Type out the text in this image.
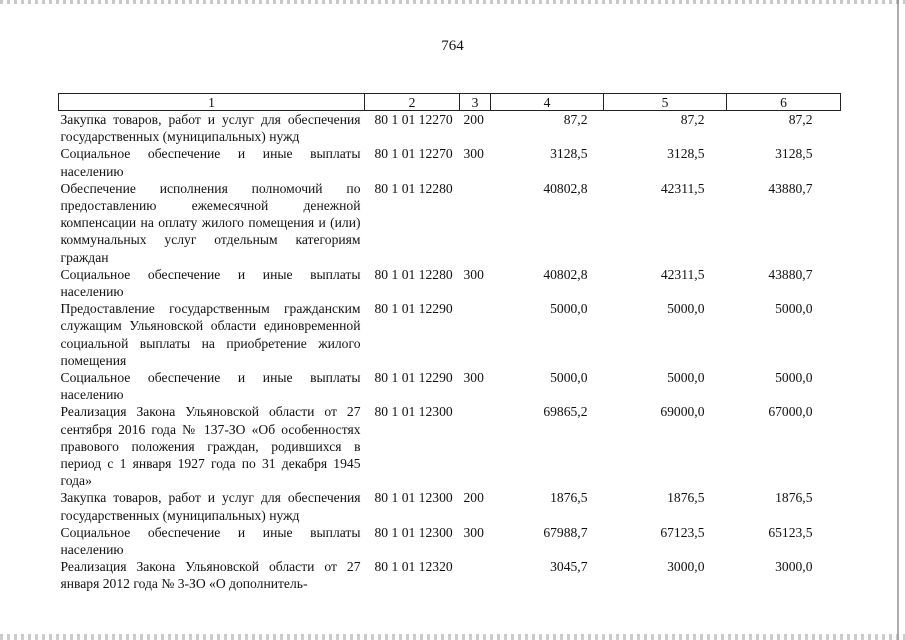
764
1	2	3	4	5	6
Закупка товаров, работ и услуг для обеспечения государственных (муниципальных) нужд	80 1 01 12270	200	87,2	87,2	87,2
Социальное обеспечение и иные выплаты населению	80 1 01 12270	300	3128,5	3128,5	3128,5
Обеспечение исполнения полномочий по предоставлению ежемесячной денежной компенсации на оплату жилого помещения и (или) коммунальных услуг отдельным категориям граждан	80 1 01 12280		40802,8	42311,5	43880,7
Социальное обеспечение и иные выплаты населению	80 1 01 12280	300	40802,8	42311,5	43880,7
Предоставление государственным гражданским служащим Ульяновской области единовременной социальной выплаты на приобретение жилого помещения	80 1 01 12290		5000,0	5000,0	5000,0
Социальное обеспечение и иные выплаты населению	80 1 01 12290	300	5000,0	5000,0	5000,0
Реализация Закона Ульяновской области от 27 сентября 2016 года № 137-ЗО «Об особенностях правового положения граждан, родившихся в период с 1 января 1927 года по 31 декабря 1945 года»	80 1 01 12300		69865,2	69000,0	67000,0
Закупка товаров, работ и услуг для обеспечения государственных (муниципальных) нужд	80 1 01 12300	200	1876,5	1876,5	1876,5
Социальное обеспечение и иные выплаты населению	80 1 01 12300	300	67988,7	67123,5	65123,5
Реализация Закона Ульяновской области от 27 января 2012 года № 3-ЗО «О дополнитель-	80 1 01 12320		3045,7	3000,0	3000,0
